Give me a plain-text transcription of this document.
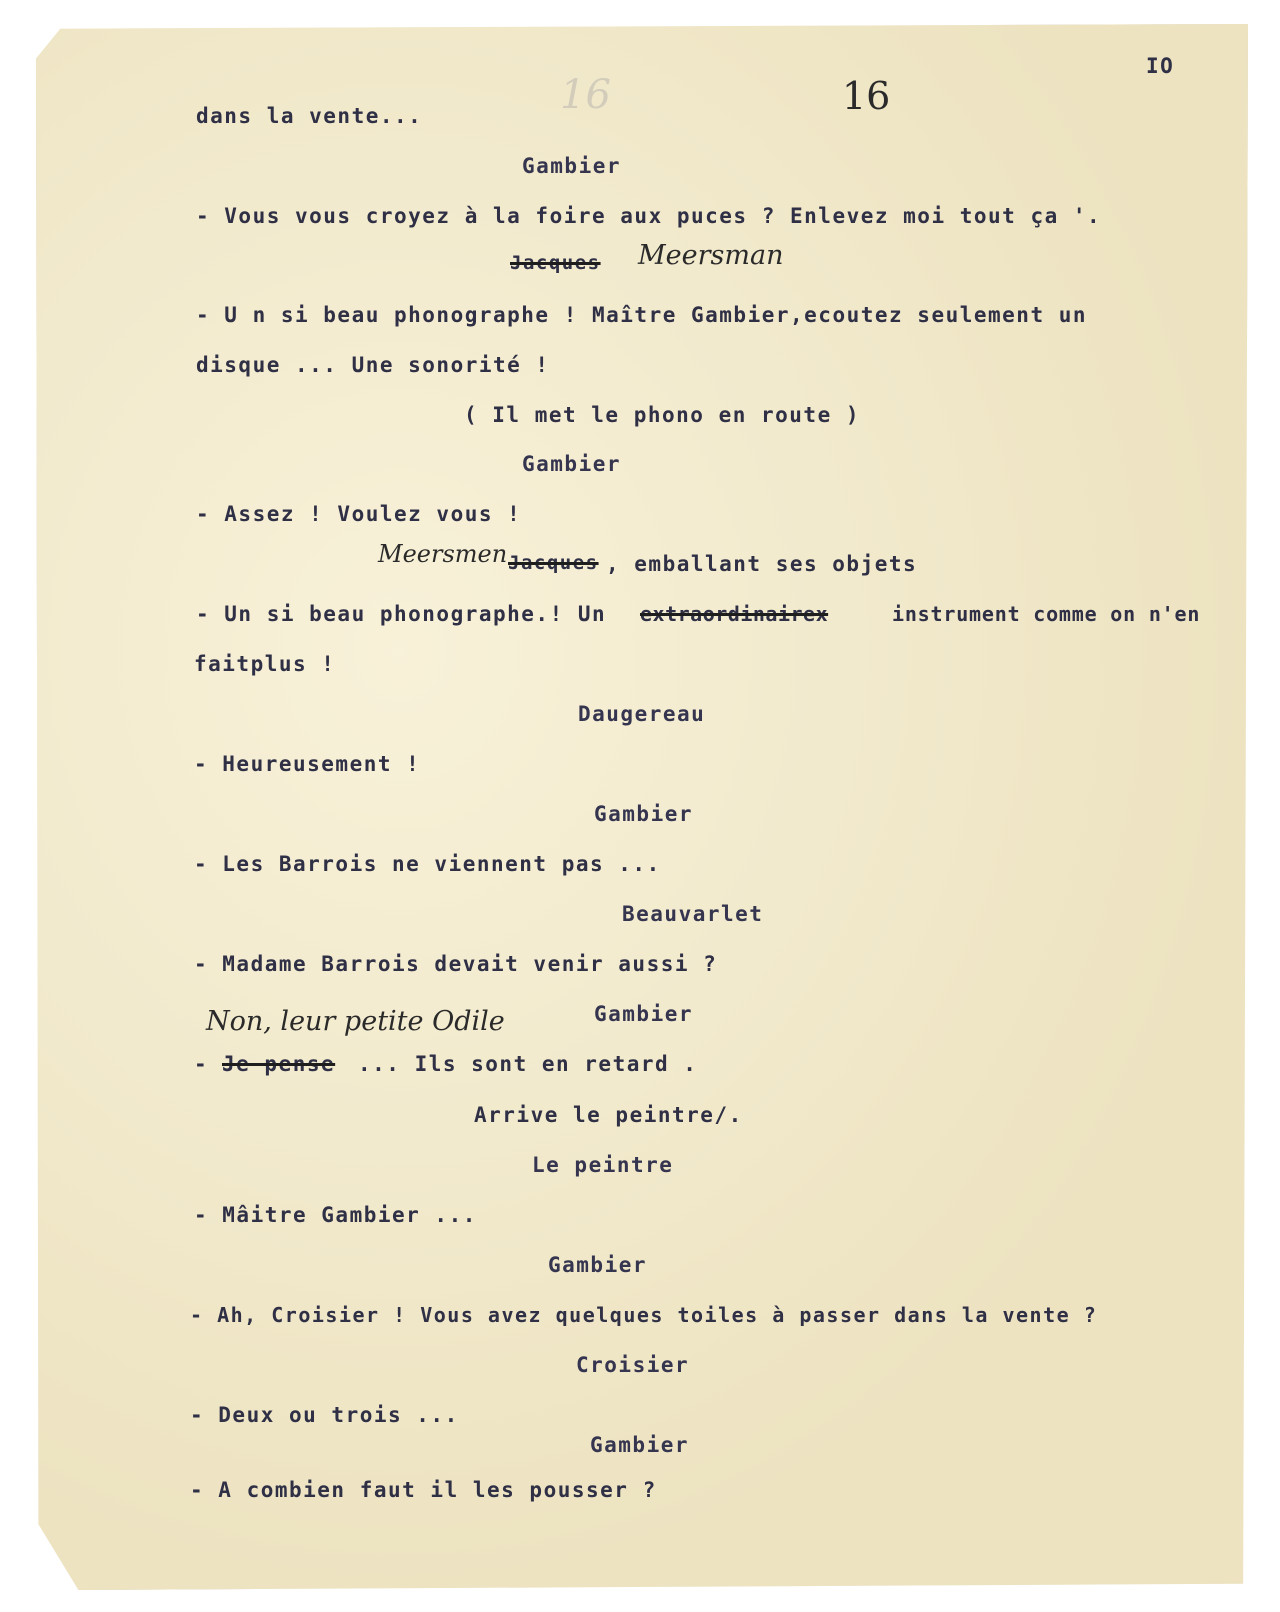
16	16

IO

dans la vente...

Gambier

- Vous vous croyez à la foire aux puces ? Enlevez moi tout ça '.

Jacques Meersman

- U n si beau phonographe ! Maître Gambier,ecoutez seulement un

disque ... Une sonorité !

( Il met le phono en route )

Gambier

- Assez ! Voulez vous !

Meersmen Jacques , emballant ses objets

- Un si beau phonographe.! Un extraordinairex	instrument comme on n'en

faitplus !

Daugereau

- Heureusement !

Gambier

- Les Barrois ne viennent pas ...

Beauvarlet

- Madame Barrois devait venir aussi ?

Non, leur petite Odile	Gambier

- Je pense ... Ils sont en retard .

Arrive le peintre/.

Le peintre

- Mâitre Gambier ...

Gambier

- Ah, Croisier ! Vous avez quelques toiles à passer dans la vente ?

Croisier

- Deux ou trois ...

Gambier

- A combien faut il les pousser ?
